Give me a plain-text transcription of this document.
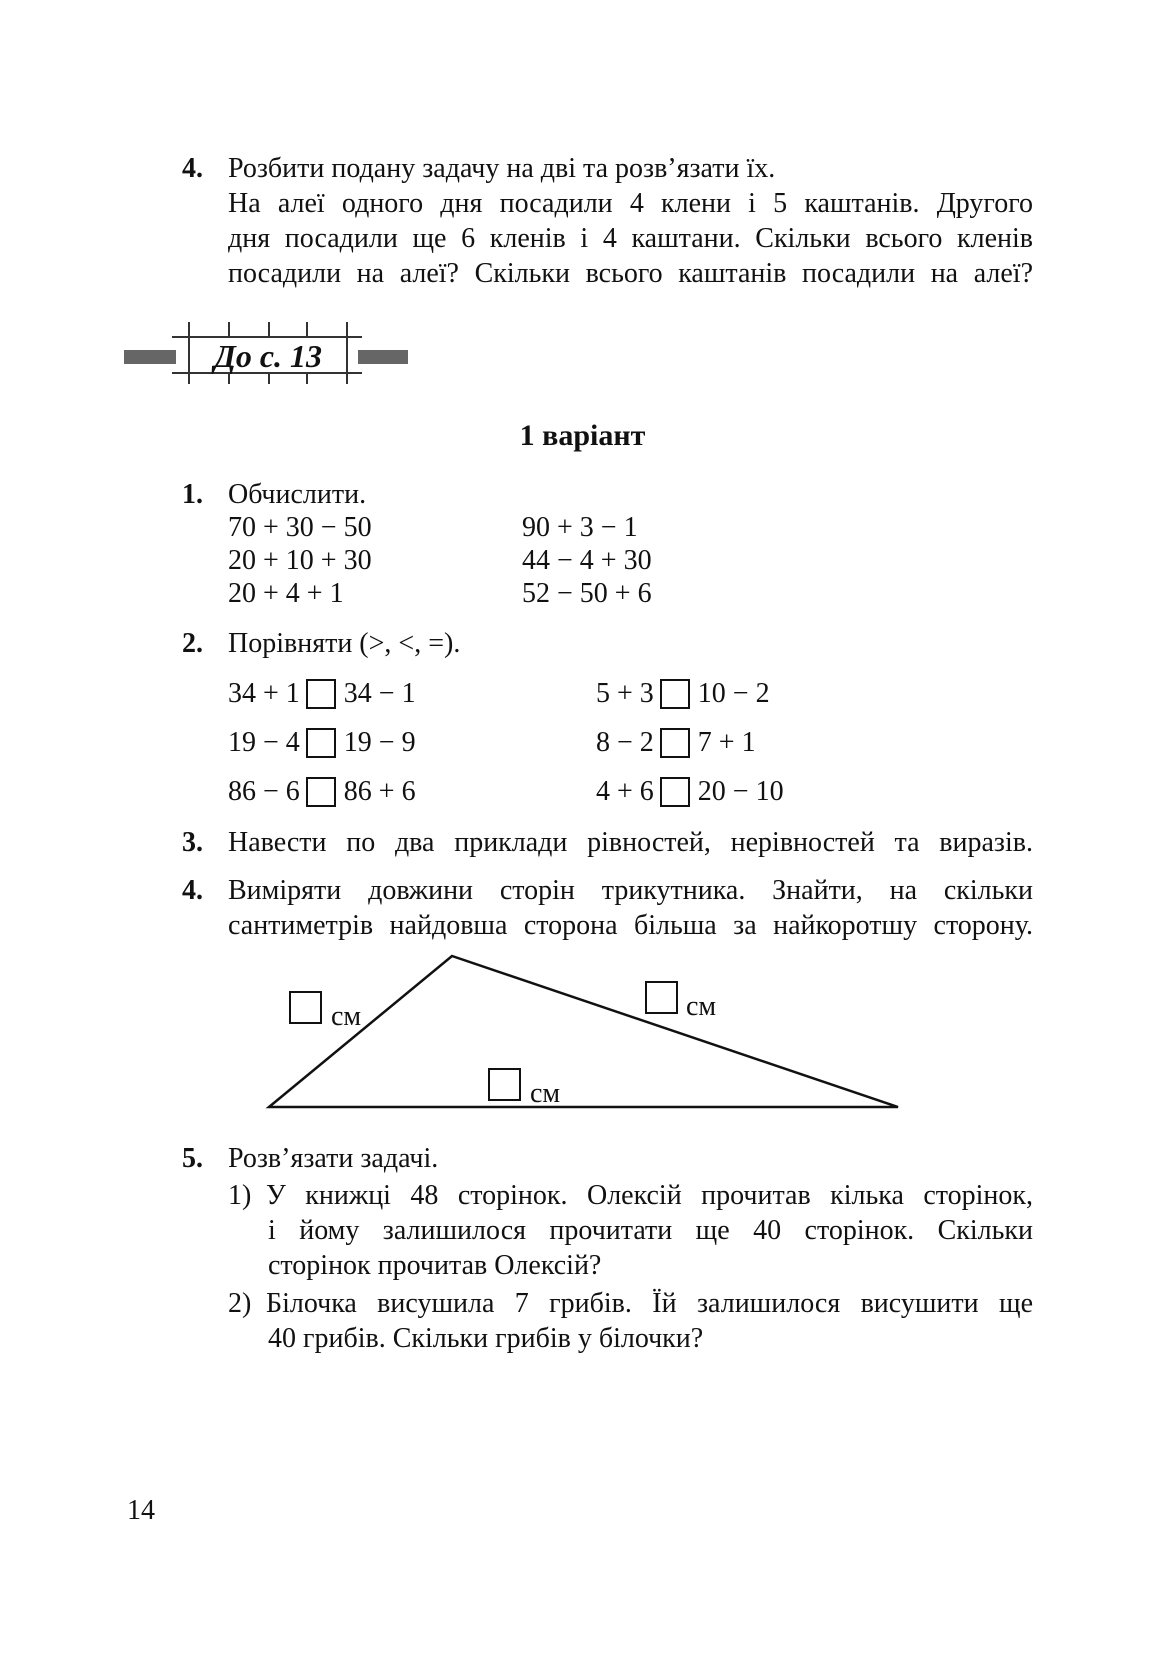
4. Розбити подану задачу на дві та розв’язати їх.
На алеї одного дня посадили 4 клени і 5 каштанів. Другого
дня посадили ще 6 кленів і 4 каштани. Скільки всього кленів
посадили на алеї? Скільки всього каштанів посадили на алеї?
До с. 13
1 варіант
1. Обчислити.
70 + 30 − 50
20 + 10 + 30
20 + 4 + 1
90 + 3 − 1
44 − 4 + 30
52 − 50 + 6
2. Порівняти (>, <, =).
34 + 1 34 − 1
19 − 4 19 − 9
86 − 6 86 + 6
5 + 3 10 − 2
8 − 2 7 + 1
4 + 6 20 − 10
3. Навести по два приклади рівностей, нерівностей та виразів.
4. Виміряти довжини сторін трикутника. Знайти, на скільки
сантиметрів найдовша сторона більша за найкоротшу сторону.
см	см
см
5. Розв’язати задачі.
1) У книжці 48 сторінок. Олексій прочитав кілька сторінок,
і йому залишилося прочитати ще 40 сторінок. Скільки
сторінок прочитав Олексій?
2) Білочка висушила 7 грибів. Їй залишилося висушити ще
40 грибів. Скільки грибів у білочки?
14
